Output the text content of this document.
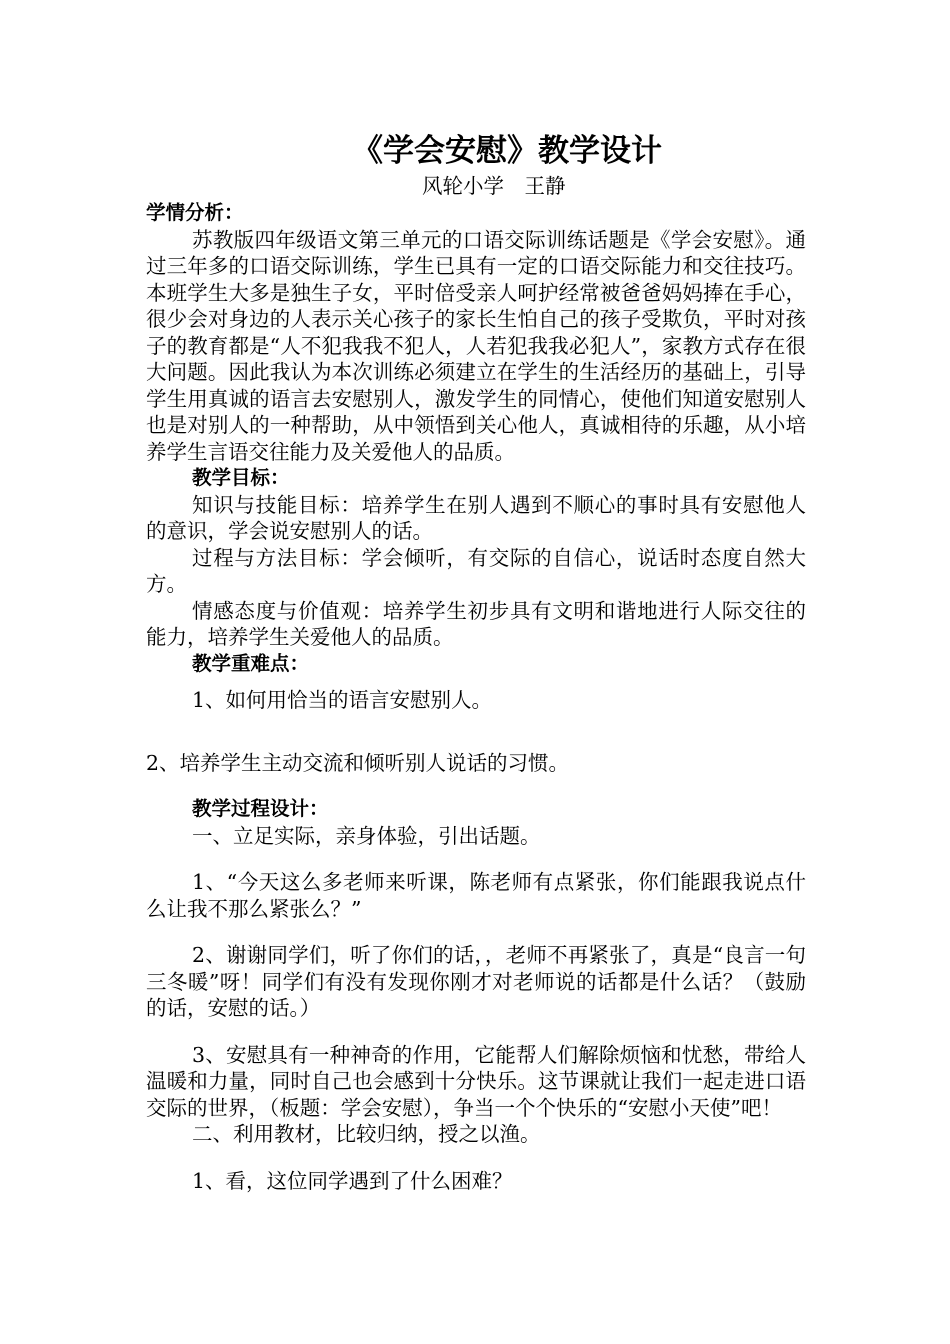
《学会安慰》教学设计

风轮小学　王静

学情分析：

苏教版四年级语文第三单元的口语交际训练话题是《学会安慰》。通过三年多的口语交际训练，学生已具有一定的口语交际能力和交往技巧。本班学生大多是独生子女，平时倍受亲人呵护经常被爸爸妈妈捧在手心，很少会对身边的人表示关心孩子的家长生怕自己的孩子受欺负，平时对孩子的教育都是“人不犯我我不犯人，人若犯我我必犯人”，家教方式存在很大问题。因此我认为本次训练必须建立在学生的生活经历的基础上，引导学生用真诚的语言去安慰别人，激发学生的同情心，使他们知道安慰别人也是对别人的一种帮助，从中领悟到关心他人，真诚相待的乐趣，从小培养学生言语交往能力及关爱他人的品质。

教学目标：

知识与技能目标：培养学生在别人遇到不顺心的事时具有安慰他人的意识，学会说安慰别人的话。

过程与方法目标：学会倾听，有交际的自信心，说话时态度自然大方。

情感态度与价值观：培养学生初步具有文明和谐地进行人际交往的能力，培养学生关爱他人的品质。

教学重难点：

1、如何用恰当的语言安慰别人。

2、培养学生主动交流和倾听别人说话的习惯。

教学过程设计：

一、立足实际，亲身体验，引出话题。

1、“今天这么多老师来听课，陈老师有点紧张，你们能跟我说点什么让我不那么紧张么？”

2、谢谢同学们，听了你们的话，，老师不再紧张了，真是“良言一句三冬暖”呀！同学们有没有发现你刚才对老师说的话都是什么话？（鼓励的话，安慰的话。）

3、安慰具有一种神奇的作用，它能帮人们解除烦恼和忧愁，带给人温暖和力量，同时自己也会感到十分快乐。这节课就让我们一起走进口语交际的世界，（板题：学会安慰），争当一个个快乐的“安慰小天使”吧！

二、利用教材，比较归纳，授之以渔。

1、看，这位同学遇到了什么困难？
